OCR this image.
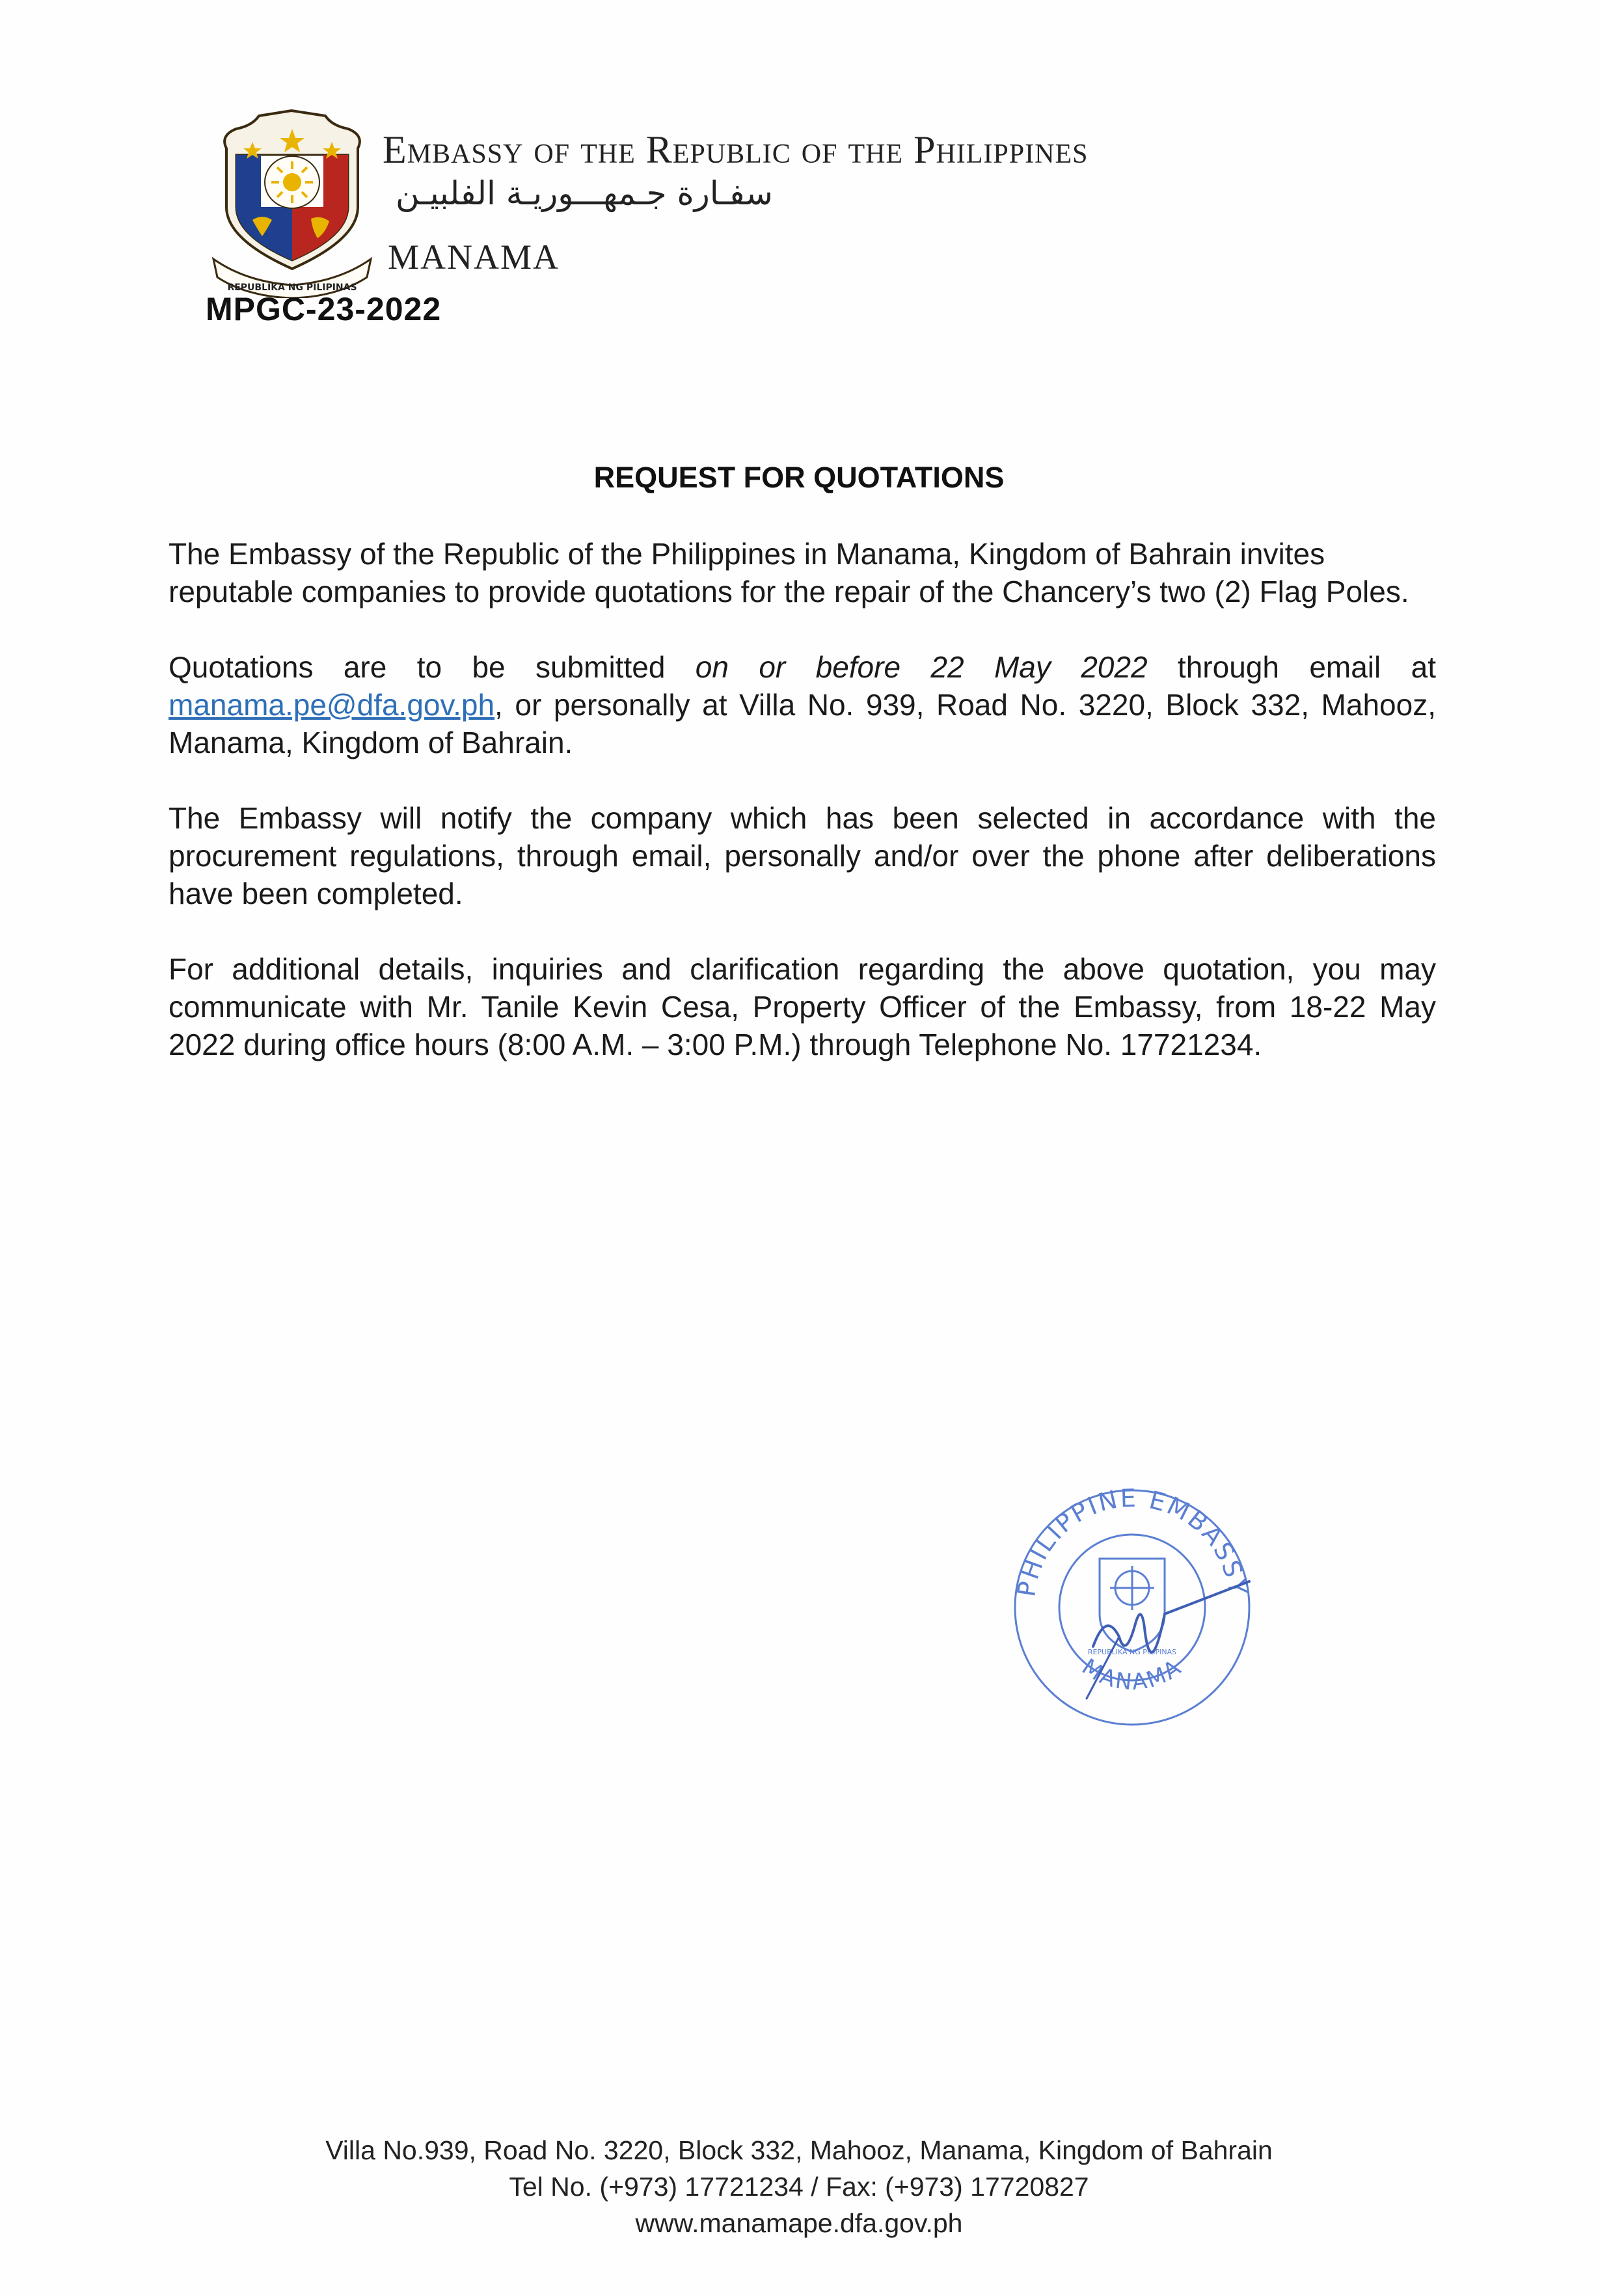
REPUBLIKA NG PILIPINAS
Embassy of the Republic of the Philippines
سفـارة جـمهـــوريـة الفلبيـن
MANAMA
MPGC-23-2022
REQUEST FOR QUOTATIONS

The Embassy of the Republic of the Philippines in Manama, Kingdom of Bahrain invites reputable companies to provide quotations for the repair of the Chancery’s two (2) Flag Poles.

Quotations are to be submitted on or before 22 May 2022 through email at manama.pe@dfa.gov.ph, or personally at Villa No. 939, Road No. 3220, Block 332, Mahooz, Manama, Kingdom of Bahrain.

The Embassy will notify the company which has been selected in accordance with the procurement regulations, through email, personally and/or over the phone after deliberations have been completed.

For additional details, inquiries and clarification regarding the above quotation, you may communicate with Mr. Tanile Kevin Cesa, Property Officer of the Embassy, from 18-22 May 2022 during office hours (8:00 A.M. – 3:00 P.M.) through Telephone No. 17721234.

PHILIPPINE EMBASSY
MANAMA
REPUBLIKA NG PILIPINAS
Villa No.939, Road No. 3220, Block 332, Mahooz, Manama, Kingdom of Bahrain
Tel No. (+973) 17721234 / Fax: (+973) 17720827
www.manamape.dfa.gov.ph
